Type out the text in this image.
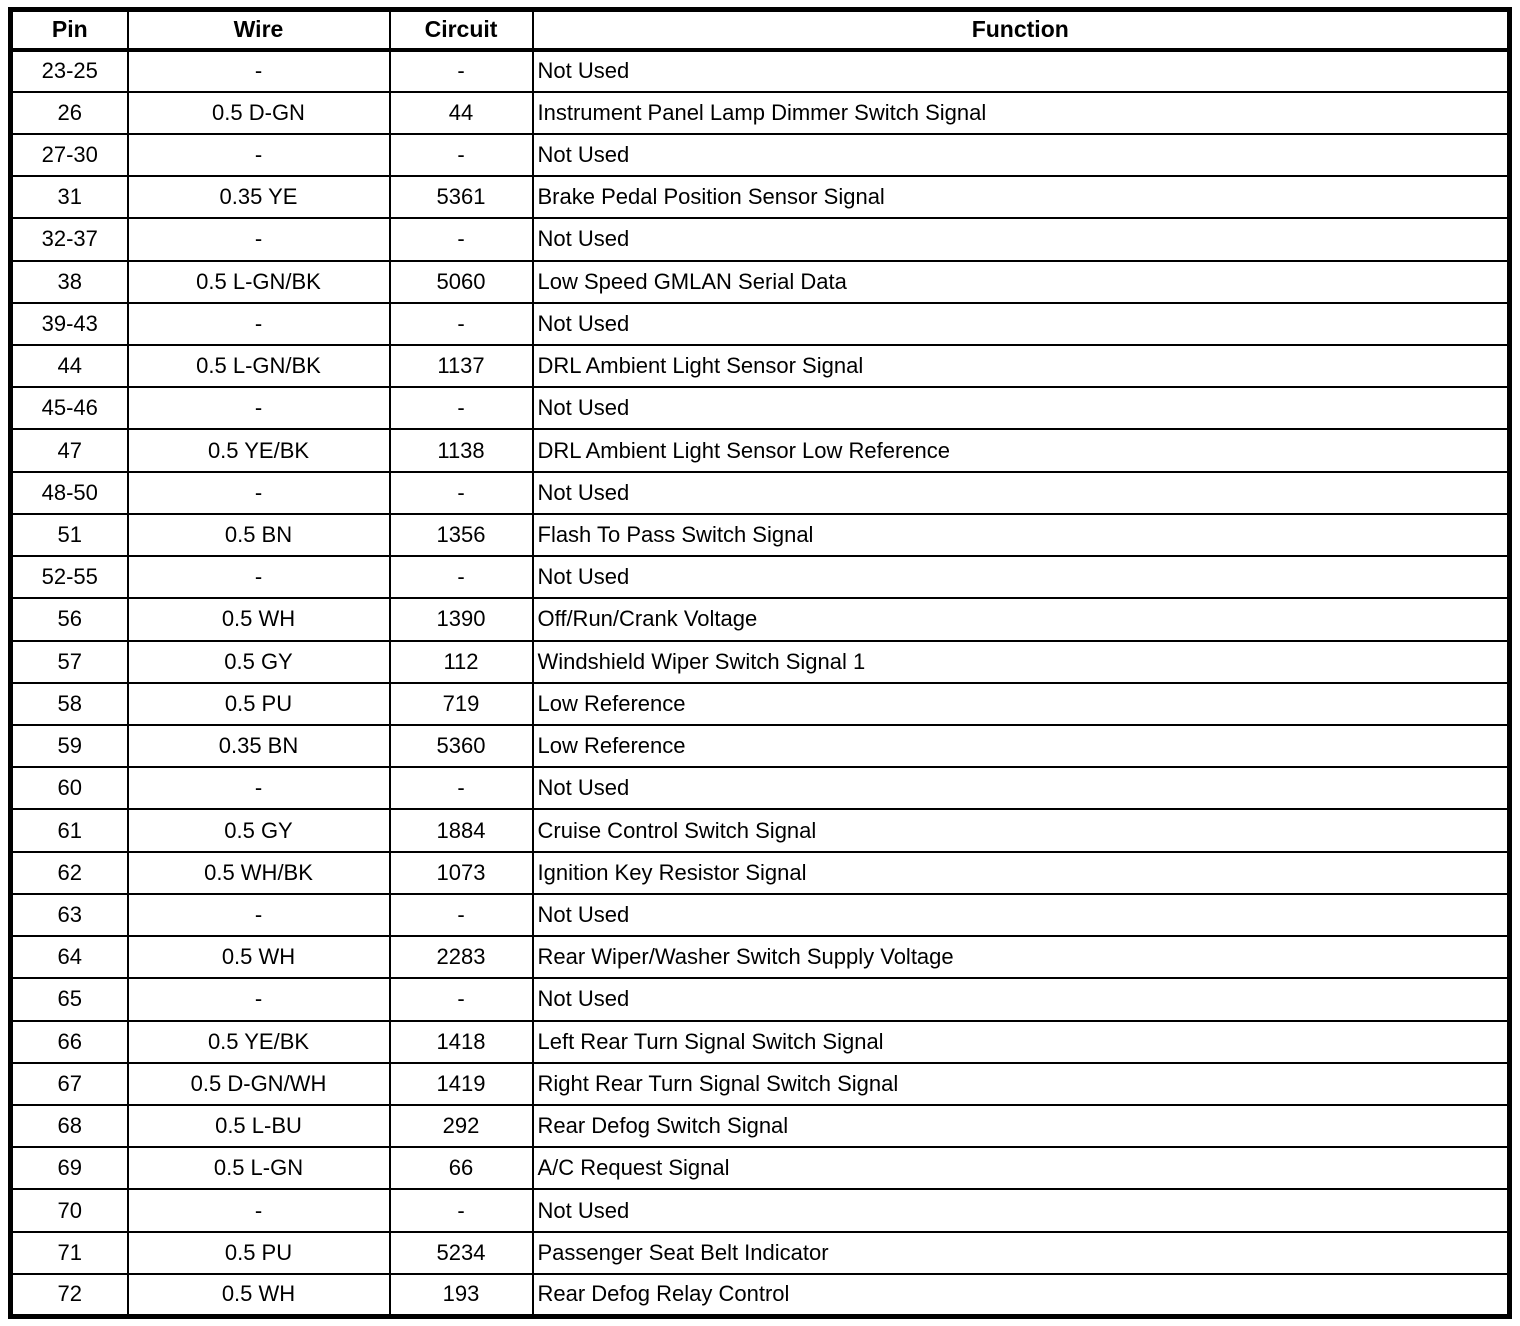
Pin	Wire	Circuit	Function
23-25	-	-	Not Used
26	0.5 D-GN	44	Instrument Panel Lamp Dimmer Switch Signal
27-30	-	-	Not Used
31	0.35 YE	5361	Brake Pedal Position Sensor Signal
32-37	-	-	Not Used
38	0.5 L-GN/BK	5060	Low Speed GMLAN Serial Data
39-43	-	-	Not Used
44	0.5 L-GN/BK	1137	DRL Ambient Light Sensor Signal
45-46	-	-	Not Used
47	0.5 YE/BK	1138	DRL Ambient Light Sensor Low Reference
48-50	-	-	Not Used
51	0.5 BN	1356	Flash To Pass Switch Signal
52-55	-	-	Not Used
56	0.5 WH	1390	Off/Run/Crank Voltage
57	0.5 GY	112	Windshield Wiper Switch Signal 1
58	0.5 PU	719	Low Reference
59	0.35 BN	5360	Low Reference
60	-	-	Not Used
61	0.5 GY	1884	Cruise Control Switch Signal
62	0.5 WH/BK	1073	Ignition Key Resistor Signal
63	-	-	Not Used
64	0.5 WH	2283	Rear Wiper/Washer Switch Supply Voltage
65	-	-	Not Used
66	0.5 YE/BK	1418	Left Rear Turn Signal Switch Signal
67	0.5 D-GN/WH	1419	Right Rear Turn Signal Switch Signal
68	0.5 L-BU	292	Rear Defog Switch Signal
69	0.5 L-GN	66	A/C Request Signal
70	-	-	Not Used
71	0.5 PU	5234	Passenger Seat Belt Indicator
72	0.5 WH	193	Rear Defog Relay Control
